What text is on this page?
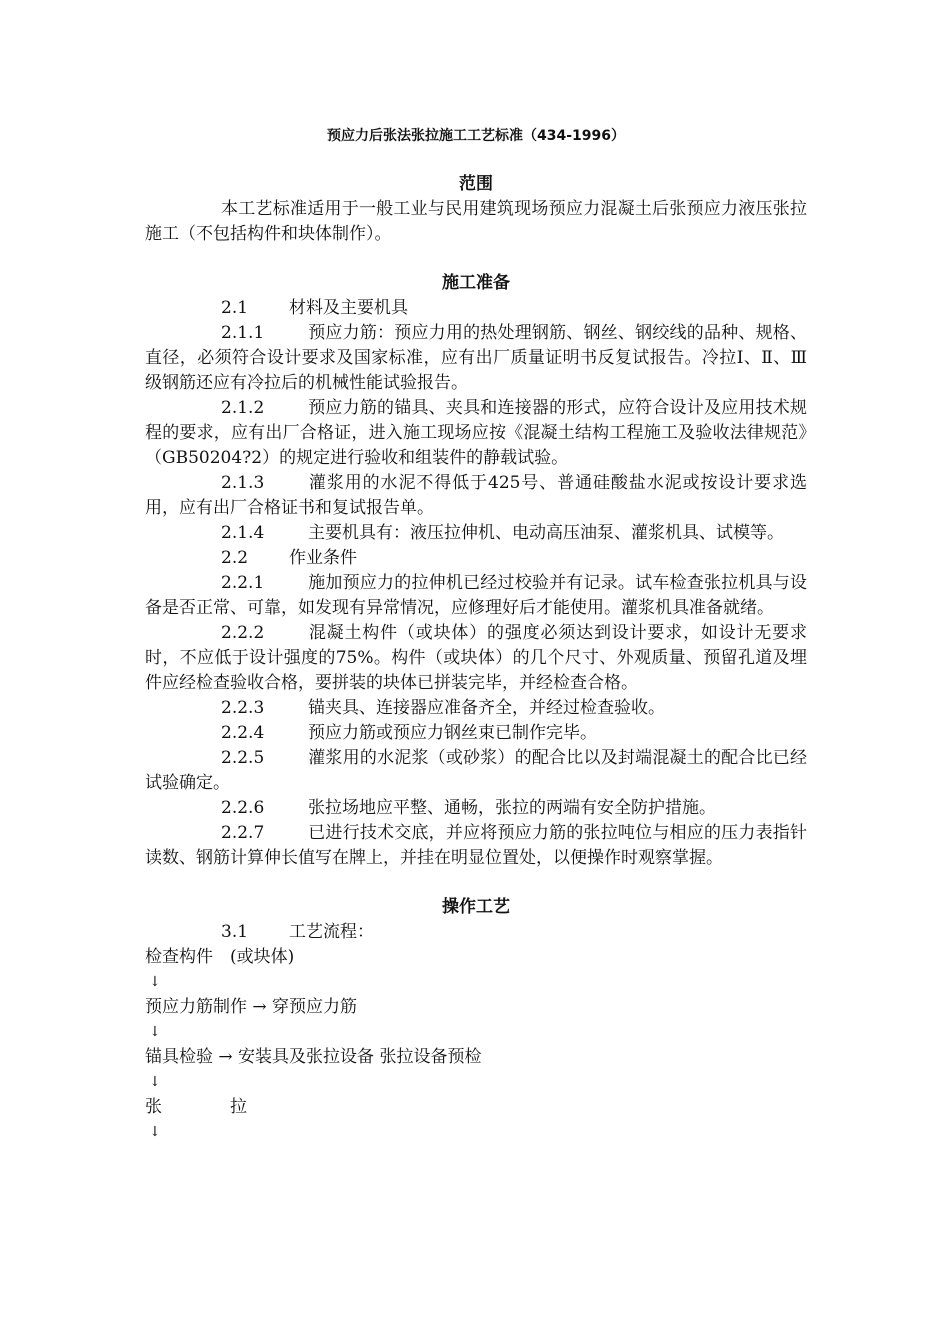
预应力后张法张拉施工工艺标准（434-1996）
范围

本工艺标准适用于一般工业与民用建筑现场预应力混凝土后张预应力液压张拉施工（不包括构件和块体制作）。

施工准备

2.1 材料及主要机具

2.1.1	预应力筋：预应力用的热处理钢筋、钢丝、钢绞线的品种、规格、直径，必须符合设计要求及国家标准，应有出厂质量证明书反复试报告。冷拉Ⅰ、Ⅱ、Ⅲ级钢筋还应有冷拉后的机械性能试验报告。

2.1.2	预应力筋的锚具、夹具和连接器的形式，应符合设计及应用技术规程的要求，应有出厂合格证，进入施工现场应按《混凝土结构工程施工及验收法律规范》（GB50204?2）的规定进行验收和组装件的静载试验。

2.1.3	灌浆用的水泥不得低于425号、普通硅酸盐水泥或按设计要求选用，应有出厂合格证书和复试报告单。

2.1.4	主要机具有：液压拉伸机、电动高压油泵、灌浆机具、试模等。

2.2 作业条件

2.2.1	施加预应力的拉伸机已经过校验并有记录。试车检查张拉机具与设备是否正常、可靠，如发现有异常情况，应修理好后才能使用。灌浆机具准备就绪。

2.2.2	混凝土构件（或块体）的强度必须达到设计要求，如设计无要求时，不应低于设计强度的75%。构件（或块体）的几个尺寸、外观质量、预留孔道及埋件应经检查验收合格，要拼装的块体已拼装完毕，并经检查合格。

2.2.3	锚夹具、连接器应准备齐全，并经过检查验收。

2.2.4	预应力筋或预应力钢丝束已制作完毕。

2.2.5	灌浆用的水泥浆（或砂浆）的配合比以及封端混凝土的配合比已经试验确定。

2.2.6	张拉场地应平整、通畅，张拉的两端有安全防护措施。

2.2.7	已进行技术交底，并应将预应力筋的张拉吨位与相应的压力表指针读数、钢筋计算伸长值写在牌上，并挂在明显位置处，以便操作时观察掌握。

操作工艺

3.1 工艺流程：

检查构件　(或块体)
↓
预应力筋制作 → 穿预应力筋
↓
锚具检验 → 安装具及张拉设备 张拉设备预检
↓
张　　　　拉
↓
